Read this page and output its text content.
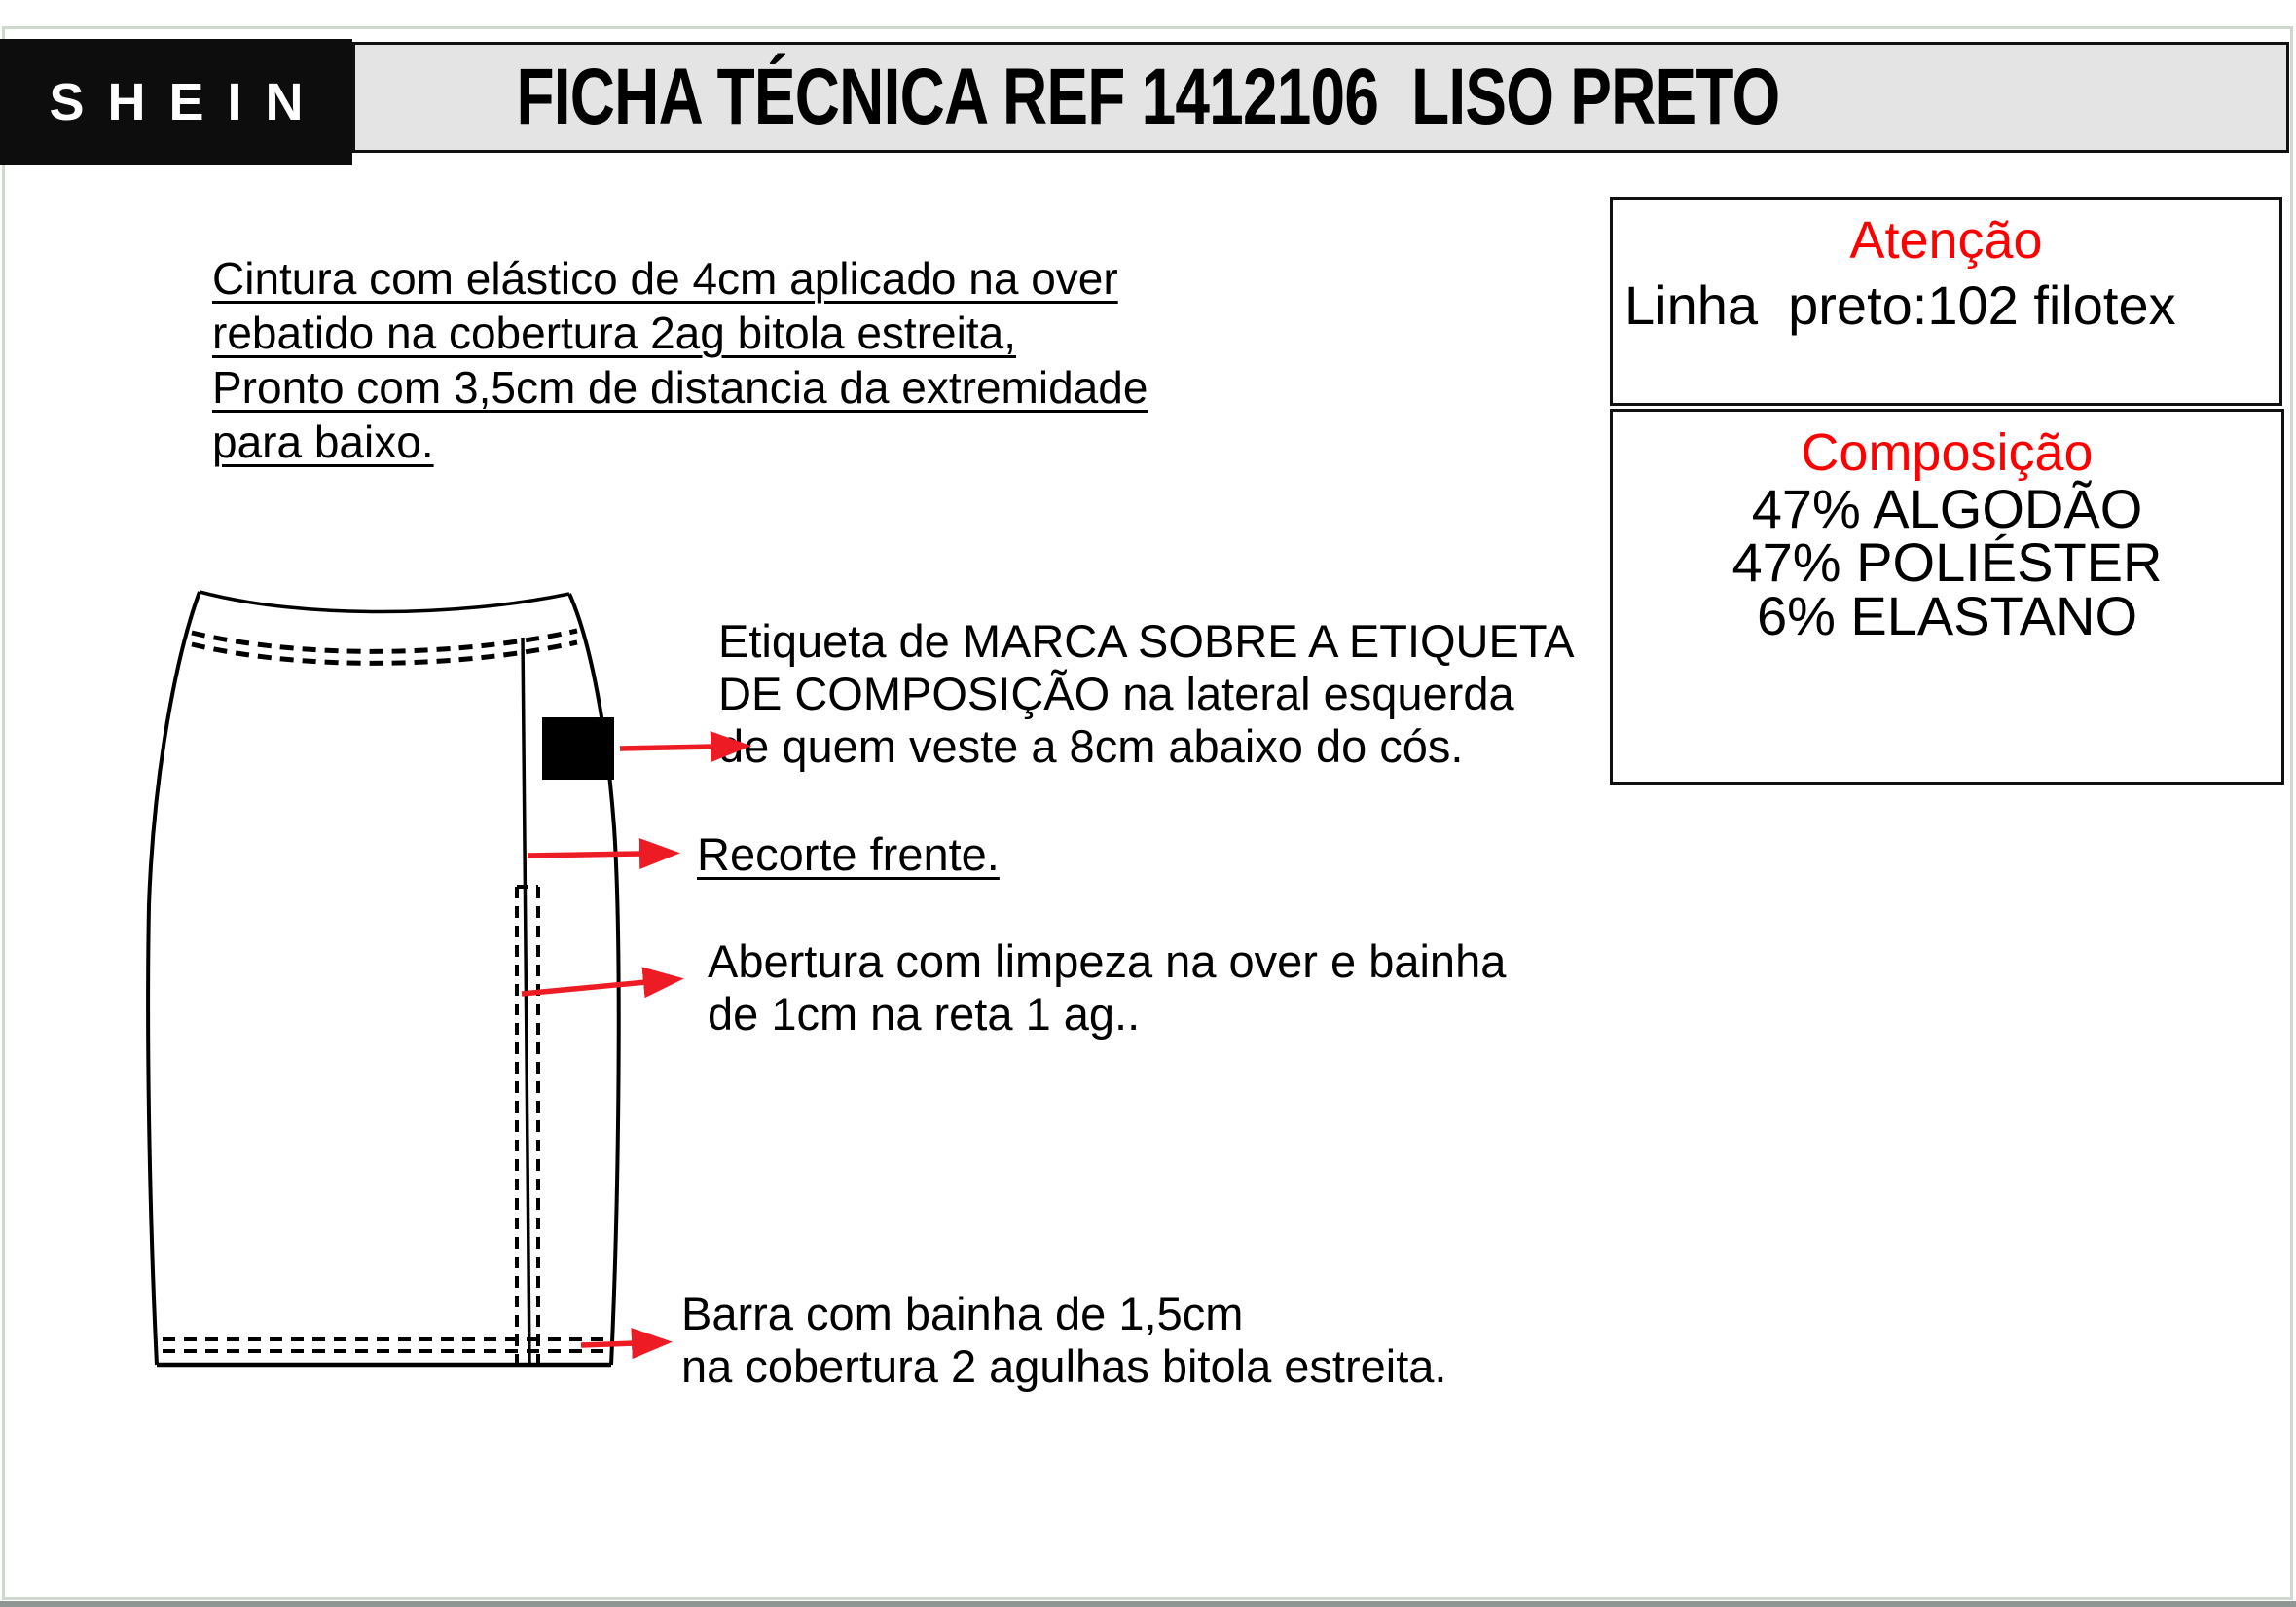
SHEIN	FICHA TÉCNICA REF 1412106  LISO PRETO
Atenção
Linha  preto:102 filotex
Composição
47% ALGODÃO
47% POLIÉSTER
6% ELASTANO
Cintura com elástico de 4cm aplicado na over
rebatido na cobertura 2ag bitola estreita,
Pronto com 3,5cm de distancia da extremidade
para baixo.
Etiqueta de MARCA SOBRE A ETIQUETA
DE COMPOSIÇÃO na lateral esquerda
de quem veste a 8cm abaixo do cós.
Recorte frente.
Abertura com limpeza na over e bainha
de 1cm na reta 1 ag..
Barra com bainha de 1,5cm
na cobertura 2 agulhas bitola estreita.
